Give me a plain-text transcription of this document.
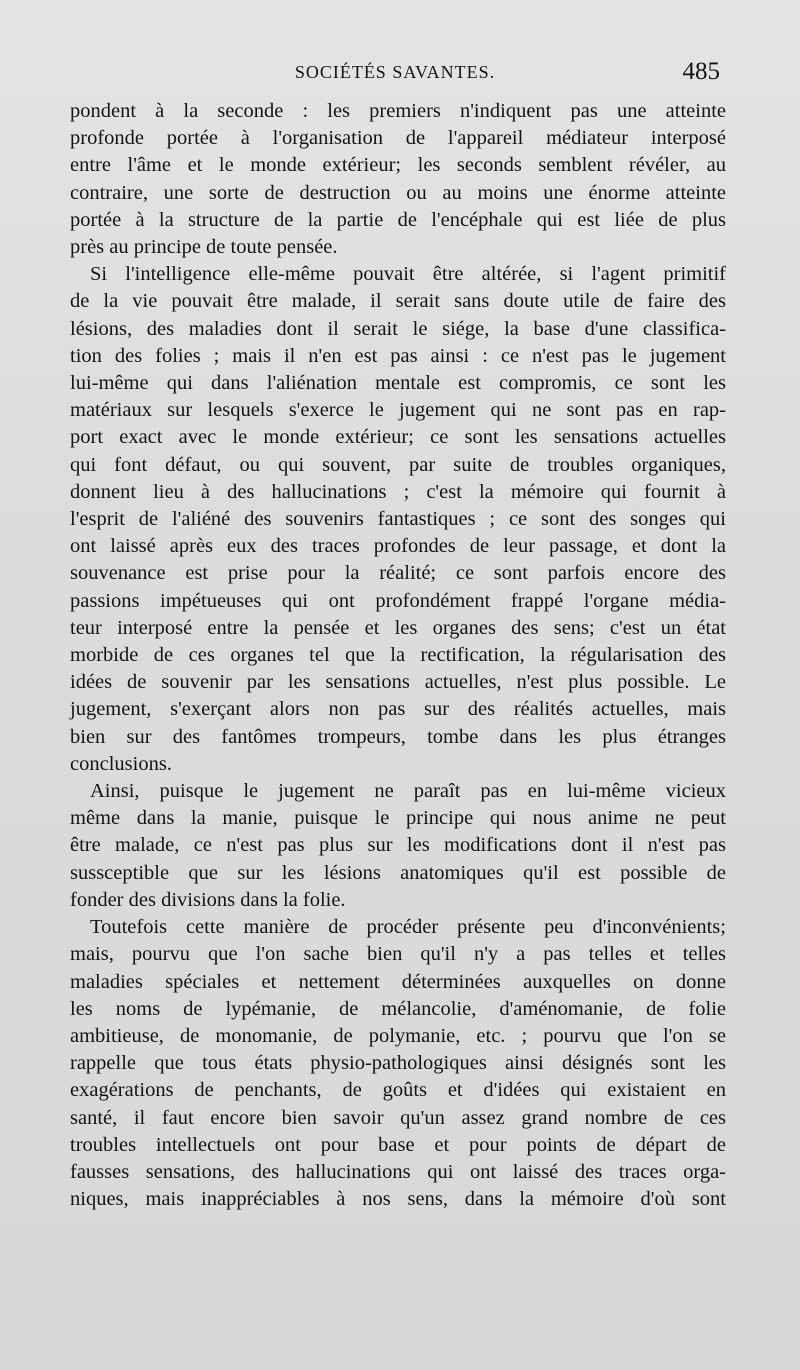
SOCIÉTÉS SAVANTES.	485
pondent à la seconde : les premiers n'indiquent pas une atteinte
profonde portée à l'organisation de l'appareil médiateur interposé
entre l'âme et le monde extérieur; les seconds semblent révéler, au
contraire, une sorte de destruction ou au moins une énorme atteinte
portée à la structure de la partie de l'encéphale qui est liée de plus
près au principe de toute pensée.
Si l'intelligence elle-même pouvait être altérée, si l'agent primitif
de la vie pouvait être malade, il serait sans doute utile de faire des
lésions, des maladies dont il serait le siége, la base d'une classifica-
tion des folies ; mais il n'en est pas ainsi : ce n'est pas le jugement
lui-même qui dans l'aliénation mentale est compromis, ce sont les
matériaux sur lesquels s'exerce le jugement qui ne sont pas en rap-
port exact avec le monde extérieur; ce sont les sensations actuelles
qui font défaut, ou qui souvent, par suite de troubles organiques,
donnent lieu à des hallucinations ; c'est la mémoire qui fournit à
l'esprit de l'aliéné des souvenirs fantastiques ; ce sont des songes qui
ont laissé après eux des traces profondes de leur passage, et dont la
souvenance est prise pour la réalité; ce sont parfois encore des
passions impétueuses qui ont profondément frappé l'organe média-
teur interposé entre la pensée et les organes des sens; c'est un état
morbide de ces organes tel que la rectification, la régularisation des
idées de souvenir par les sensations actuelles, n'est plus possible. Le
jugement, s'exerçant alors non pas sur des réalités actuelles, mais
bien sur des fantômes trompeurs, tombe dans les plus étranges
conclusions.
Ainsi, puisque le jugement ne paraît pas en lui-même vicieux
même dans la manie, puisque le principe qui nous anime ne peut
être malade, ce n'est pas plus sur les modifications dont il n'est pas
sussceptible que sur les lésions anatomiques qu'il est possible de
fonder des divisions dans la folie.
Toutefois cette manière de procéder présente peu d'inconvénients;
mais, pourvu que l'on sache bien qu'il n'y a pas telles et telles
maladies spéciales et nettement déterminées auxquelles on donne
les noms de lypémanie, de mélancolie, d'aménomanie, de folie
ambitieuse, de monomanie, de polymanie, etc. ; pourvu que l'on se
rappelle que tous états physio-pathologiques ainsi désignés sont les
exagérations de penchants, de goûts et d'idées qui existaient en
santé, il faut encore bien savoir qu'un assez grand nombre de ces
troubles intellectuels ont pour base et pour points de départ de
fausses sensations, des hallucinations qui ont laissé des traces orga-
niques, mais inappréciables à nos sens, dans la mémoire d'où sont
